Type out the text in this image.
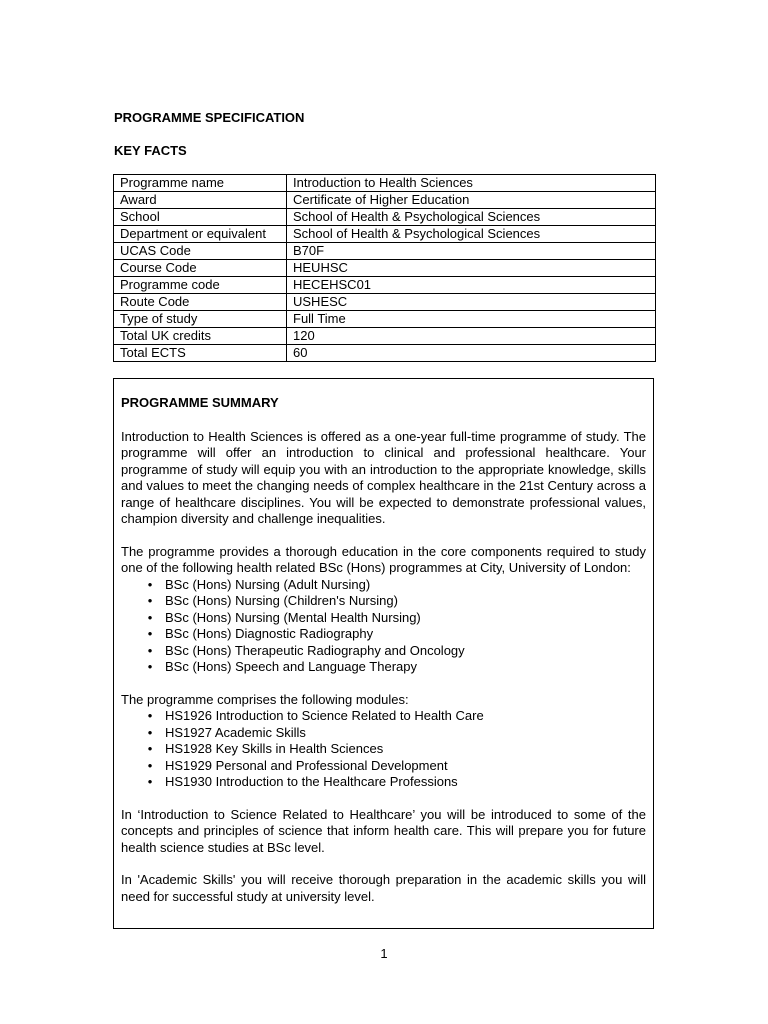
PROGRAMME SPECIFICATION

KEY FACTS

Programme name	Introduction to Health Sciences
Award	Certificate of Higher Education
School	School of Health & Psychological Sciences
Department or equivalent	School of Health & Psychological Sciences
UCAS Code	B70F
Course Code	HEUHSC
Programme code	HECEHSC01
Route Code	USHESC
Type of study	Full Time
Total UK credits	120
Total ECTS	60
PROGRAMME SUMMARY

Introduction to Health Sciences is offered as a one-year full-time programme of study. The programme will offer an introduction to clinical and professional healthcare. Your programme of study will equip you with an introduction to the appropriate knowledge, skills and values to meet the changing needs of complex healthcare in the 21st Century across a range of healthcare disciplines. You will be expected to demonstrate professional values, champion diversity and challenge inequalities.

The programme provides a thorough education in the core components required to study one of the following health related BSc (Hons) programmes at City, University of London:

• BSc (Hons) Nursing (Adult Nursing)
• BSc (Hons) Nursing (Children's Nursing)
• BSc (Hons) Nursing (Mental Health Nursing)
• BSc (Hons) Diagnostic Radiography
• BSc (Hons) Therapeutic Radiography and Oncology
• BSc (Hons) Speech and Language Therapy

The programme comprises the following modules:

• HS1926 Introduction to Science Related to Health Care
• HS1927 Academic Skills
• HS1928 Key Skills in Health Sciences
• HS1929 Personal and Professional Development
• HS1930 Introduction to the Healthcare Professions

In ‘Introduction to Science Related to Healthcare’ you will be introduced to some of the concepts and principles of science that inform health care. This will prepare you for future health science studies at BSc level.

In 'Academic Skills' you will receive thorough preparation in the academic skills you will need for successful study at university level.

1
